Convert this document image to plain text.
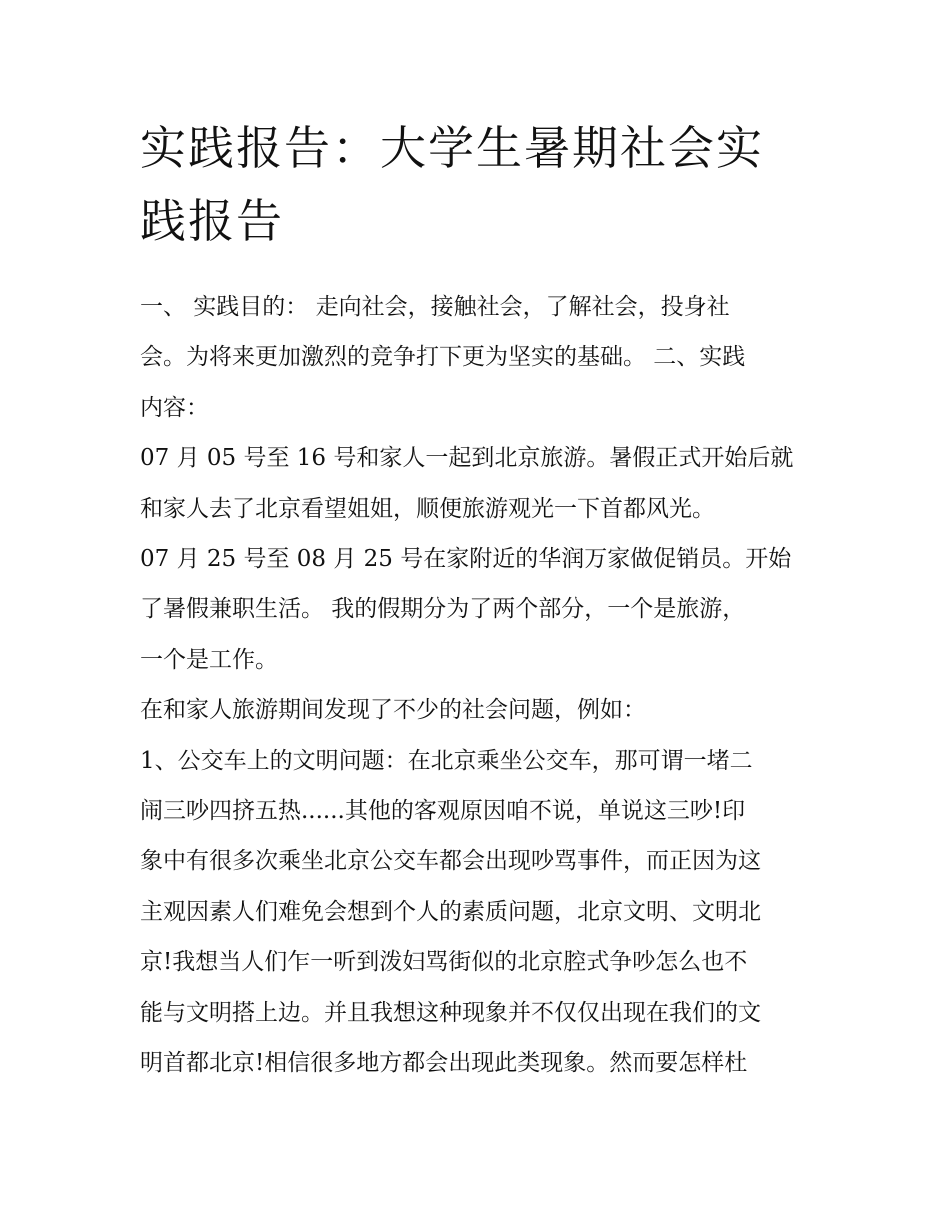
实践报告：大学生暑期社会实
践报告
一、 实践目的： 走向社会，接触社会，了解社会，投身社
会。为将来更加激烈的竞争打下更为坚实的基础。 二、实践
内容：
07 月 05 号至 16 号和家人一起到北京旅游。暑假正式开始后就
和家人去了北京看望姐姐，顺便旅游观光一下首都风光。
07 月 25 号至 08 月 25 号在家附近的华润万家做促销员。开始
了暑假兼职生活。 我的假期分为了两个部分，一个是旅游，
一个是工作。
在和家人旅游期间发现了不少的社会问题，例如：
1、公交车上的文明问题：在北京乘坐公交车，那可谓一堵二
闹三吵四挤五热......其他的客观原因咱不说，单说这三吵!印
象中有很多次乘坐北京公交车都会出现吵骂事件，而正因为这
主观因素人们难免会想到个人的素质问题，北京文明、文明北
京!我想当人们乍一听到泼妇骂街似的北京腔式争吵怎么也不
能与文明搭上边。并且我想这种现象并不仅仅出现在我们的文
明首都北京!相信很多地方都会出现此类现象。然而要怎样杜
